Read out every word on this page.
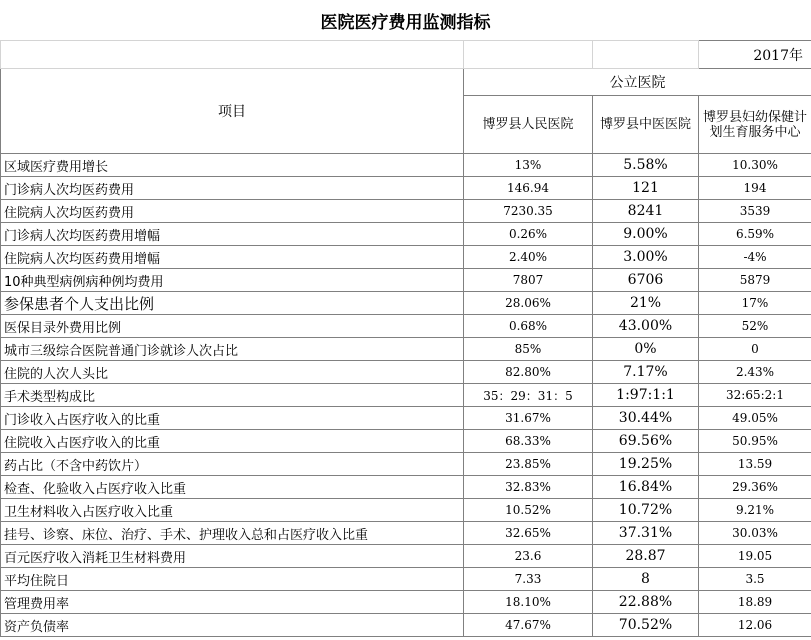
医院医疗费用监测指标
			2017年
项目	公立医院		
	博罗县人民医院	博罗县中医医院	博罗县妇幼保健计划生育服务中心
区域医疗费用增长	13%	5.58%	10.30%
门诊病人次均医药费用	146.94	121	194
住院病人次均医药费用	7230.35	8241	3539
门诊病人次均医药费用增幅	0.26%	9.00%	6.59%
住院病人次均医药费用增幅	2.40%	3.00%	-4%
10种典型病例病种例均费用	7807	6706	5879
参保患者个人支出比例	28.06%	21%	17%
医保目录外费用比例	0.68%	43.00%	52%
城市三级综合医院普通门诊就诊人次占比	85%	0%	0
住院的人次人头比	82.80%	7.17%	2.43%
手术类型构成比	35：29：31：5	1:97:1:1	32:65:2:1
门诊收入占医疗收入的比重	31.67%	30.44%	49.05%
住院收入占医疗收入的比重	68.33%	69.56%	50.95%
药占比（不含中药饮片）	23.85%	19.25%	13.59
检查、化验收入占医疗收入比重	32.83%	16.84%	29.36%
卫生材料收入占医疗收入比重	10.52%	10.72%	9.21%
挂号、诊察、床位、治疗、手术、护理收入总和占医疗收入比重	32.65%	37.31%	30.03%
百元医疗收入消耗卫生材料费用	23.6	28.87	19.05
平均住院日	7.33	8	3.5
管理费用率	18.10%	22.88%	18.89
资产负债率	47.67%	70.52%	12.06
